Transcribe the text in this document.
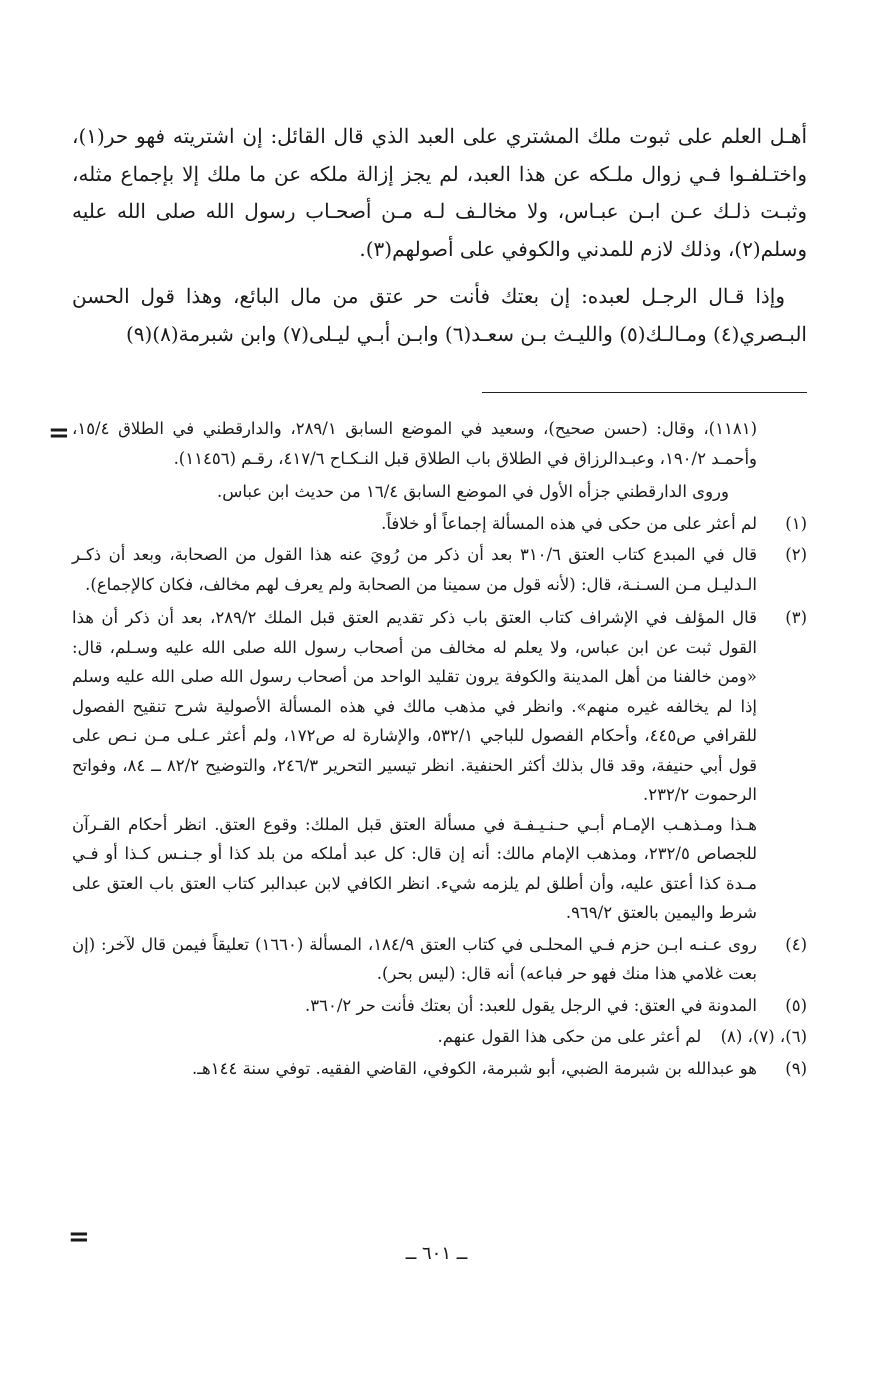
أهـل العلم على ثبوت ملك المشتري على العبد الذي قال القائل: إن اشتريته فهو حر(١)، واختـلفـوا فـي زوال ملـكه عن هذا العبد، لم يجز إزالة ملكه عن ما ملك إلا بإجماع مثله، وثبـت ذلـك عـن ابـن عبـاس، ولا مخالـف لـه مـن أصحـاب رسول الله صلى الله عليه وسلم(٢)، وذلك لازم للمدني والكوفي على أصولهم(٣).

وإذا قـال الرجـل لعبده: إن بعتك فأنت حر عتق من مال البائع، وهذا قول الحسن البـصري(٤) ومـالـك(٥) والليـث بـن سعـد(٦) وابـن أبـي ليـلى(٧) وابن شبرمة(٨)(٩)

= (١١٨١)، وقال: (حسن صحيح)، وسعيد في الموضع السابق ٢٨٩/١، والدارقطني في الطلاق ١٥/٤، وأحمـد ١٩٠/٢، وعبـدالرزاق في الطلاق باب الطلاق قبل النـكـاح ٤١٧/٦، رقـم (١١٤٥٦).
وروى الدارقطني جزأه الأول في الموضع السابق ١٦/٤ من حديث ابن عباس.
(١)
لم أعثر على من حكى في هذه المسألة إجماعاً أو خلافاً.
(٢)
قال في المبدع كتاب العتق ٣١٠/٦ بعد أن ذكر من رُويَ عنه هذا القول من الصحابة، وبعد أن ذكـر الـدليـل مـن السـنـة، قال: (لأنه قول من سمينا من الصحابة ولم يعرف لهم مخالف، فكان كالإجماع).
(٣)
قال المؤلف في الإشراف كتاب العتق باب ذكر تقديم العتق قبل الملك ٢٨٩/٢، بعد أن ذكر أن هذا القول ثبت عن ابن عباس، ولا يعلم له مخالف من أصحاب رسول الله صلى الله عليه وسـلم، قال: «ومن خالفنا من أهل المدينة والكوفة يرون تقليد الواحد من أصحاب رسول الله صلى الله عليه وسلم إذا لم يخالفه غيره منهم». وانظر في مذهب مالك في هذه المسألة الأصولية شرح تنقيح الفصول للقرافي ص٤٤٥، وأحكام الفصول للباجي ٥٣٢/١، والإشارة له ص١٧٢، ولم أعثر عـلى مـن نـص على قول أبي حنيفة، وقد قال بذلك أكثر الحنفية. انظر تيسير التحرير ٢٤٦/٣، والتوضيح ٨٢/٢ ــ ٨٤، وفواتح الرحموت ٢٣٢/٢.
هـذا ومـذهـب الإمـام أبـي حـنـيـفـة في مسألة العتق قبل الملك: وقوع العتق. انظر أحكام القـرآن للجصاص ٢٣٢/٥، ومذهب الإمام مالك: أنه إن قال: كل عبد أملكه من بلد كذا أو جـنـس كـذا أو فـي مـدة كذا أعتق عليه، وأن أطلق لم يلزمه شيء. انظر الكافي لابن عبدالبر كتاب العتق باب العتق على شرط واليمين بالعتق ٩٦٩/٢.
(٤)
روى عـنـه ابـن حزم فـي المحلـى في كتاب العتق ١٨٤/٩، المسألة (١٦٦٠) تعليقاً فيمن قال لآخر: (إن بعت غلامي هذا منك فهو حر فباعه) أنه قال: (ليس بحر).
(٥)
المدونة في العتق: في الرجل يقول للعبد: أن بعتك فأنت حر ٣٦٠/٢.
(٦)، (٧)، (٨) لم أعثر على من حكى هذا القول عنهم.
(٩)
هو عبدالله بن شبرمة الضبي، أبو شبرمة، الكوفي، القاضي الفقيه. توفي سنة ١٤٤هـ.
=
ــ ٦٠١ ــ
